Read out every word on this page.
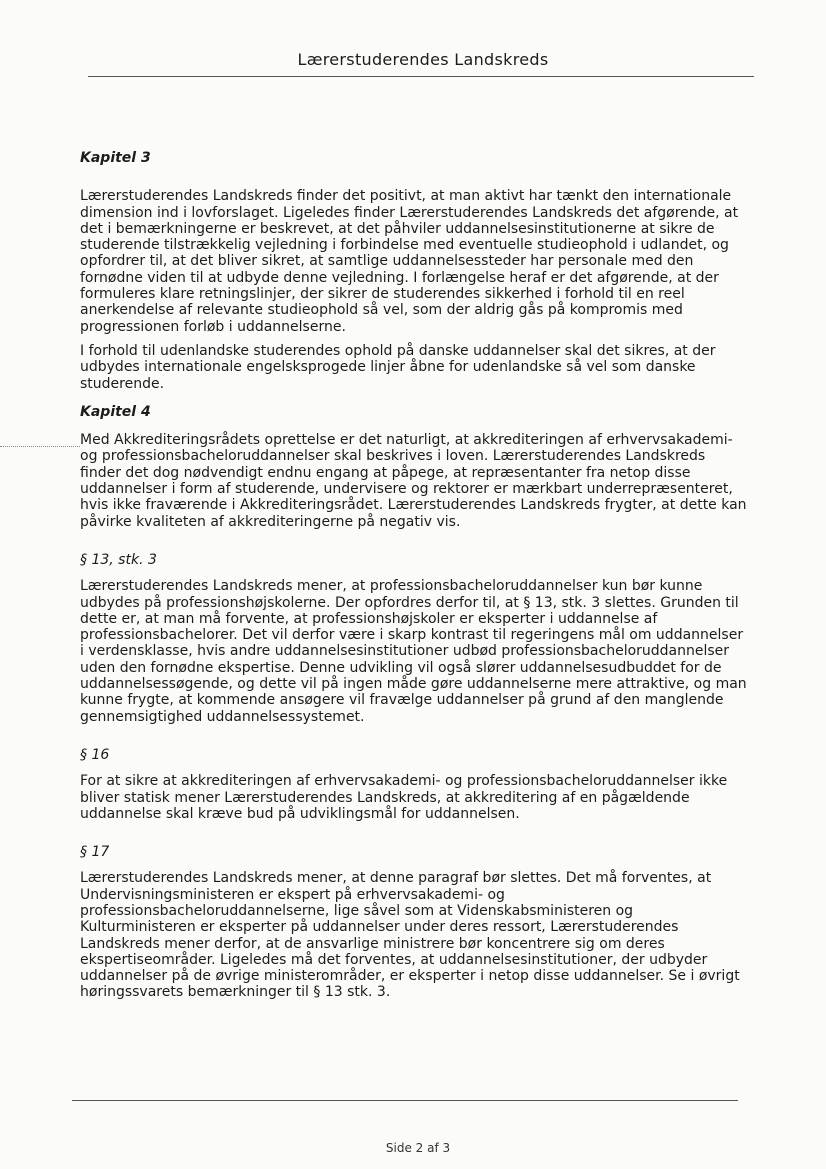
Lærerstuderendes Landskreds
Kapitel 3

Lærerstuderendes Landskreds finder det positivt, at man aktivt har tænkt den internationale dimension ind i lovforslaget. Ligeledes finder Lærerstuderendes Landskreds det afgørende, at det i bemærkningerne er beskrevet, at det påhviler uddannelsesinstitutionerne at sikre de studerende tilstrækkelig vejledning i forbindelse med eventuelle studieophold i udlandet, og opfordrer til, at det bliver sikret, at samtlige uddannelsessteder har personale med den fornødne viden til at udbyde denne vejledning. I forlængelse heraf er det afgørende, at der formuleres klare retningslinjer, der sikrer de studerendes sikkerhed i forhold til en reel anerkendelse af relevante studieophold så vel, som der aldrig gås på kompromis med progressionen forløb i uddannelserne.

I forhold til udenlandske studerendes ophold på danske uddannelser skal det sikres, at der udbydes internationale engelsksprogede linjer åbne for udenlandske så vel som danske studerende.

Kapitel 4

Med Akkrediteringsrådets oprettelse er det naturligt, at akkrediteringen af erhvervsakademi- og professionsbacheloruddannelser skal beskrives i loven. Lærerstuderendes Landskreds finder det dog nødvendigt endnu engang at påpege, at repræsentanter fra netop disse uddannelser i form af studerende, undervisere og rektorer er mærkbart underrepræsenteret, hvis ikke fraværende i Akkrediteringsrådet. Lærerstuderendes Landskreds frygter, at dette kan påvirke kvaliteten af akkrediteringerne på negativ vis.

§ 13, stk. 3

Lærerstuderendes Landskreds mener, at professionsbacheloruddannelser kun bør kunne udbydes på professionshøjskolerne. Der opfordres derfor til, at § 13, stk. 3 slettes. Grunden til dette er, at man må forvente, at professionshøjskoler er eksperter i uddannelse af professionsbachelorer. Det vil derfor være i skarp kontrast til regeringens mål om uddannelser i verdensklasse, hvis andre uddannelsesinstitutioner udbød professionsbacheloruddannelser uden den fornødne ekspertise. Denne udvikling vil også slører uddannelsesudbuddet for de uddannelsessøgende, og dette vil på ingen måde gøre uddannelserne mere attraktive, og man kunne frygte, at kommende ansøgere vil fravælge uddannelser på grund af den manglende gennemsigtighed uddannelsessystemet.

§ 16

For at sikre at akkrediteringen af erhvervsakademi- og professionsbacheloruddannelser ikke bliver statisk mener Lærerstuderendes Landskreds, at akkreditering af en pågældende uddannelse skal kræve bud på udviklingsmål for uddannelsen.

§ 17

Lærerstuderendes Landskreds mener, at denne paragraf bør slettes. Det må forventes, at Undervisningsministeren er ekspert på erhvervsakademi- og professionsbacheloruddannelserne, lige såvel som at Videnskabsministeren og Kulturministeren er eksperter på uddannelser under deres ressort, Lærerstuderendes Landskreds mener derfor, at de ansvarlige ministrere bør koncentrere sig om deres ekspertiseområder. Ligeledes må det forventes, at uddannelsesinstitutioner, der udbyder uddannelser på de øvrige ministerområder, er eksperter i netop disse uddannelser. Se i øvrigt høringssvarets bemærkninger til § 13 stk. 3.

Side 2 af 3
